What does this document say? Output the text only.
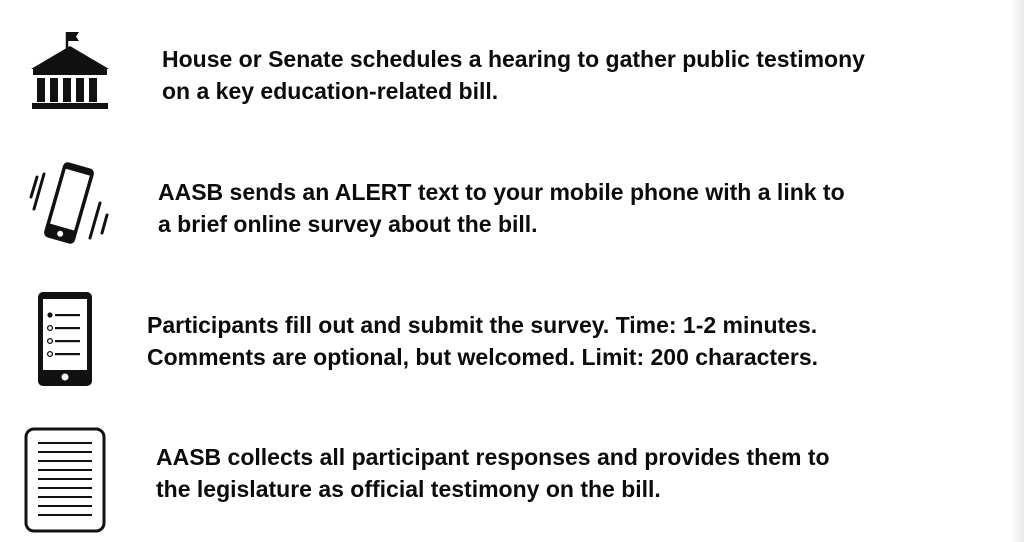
House or Senate schedules a hearing to gather public testimony
on a key education-related bill.

AASB sends an ALERT text to your mobile phone with a link to
a brief online survey about the bill.

Participants fill out and submit the survey. Time: 1-2 minutes.
Comments are optional, but welcomed. Limit: 200 characters.

AASB collects all participant responses and provides them to
the legislature as official testimony on the bill.
